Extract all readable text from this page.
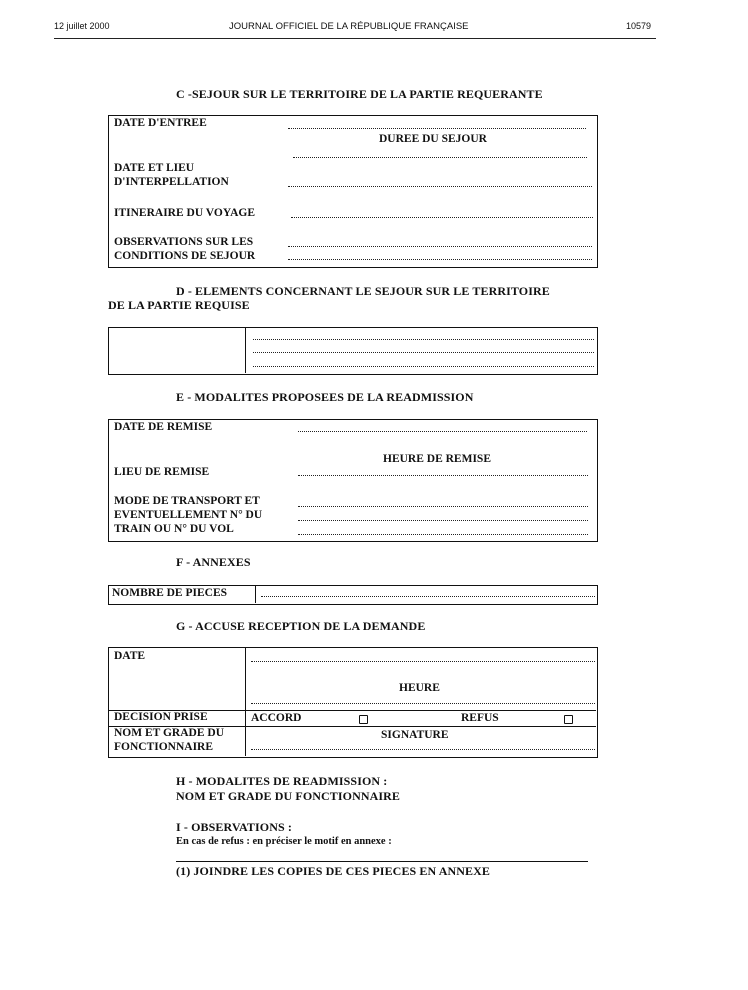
12 juillet 2000	JOURNAL OFFICIEL DE LA RÉPUBLIQUE FRANÇAISE	10579
C -SEJOUR SUR LE TERRITOIRE DE LA PARTIE REQUERANTE
DATE D'ENTREE
DUREE DU SEJOUR
DATE ET LIEU
D'INTERPELLATION
ITINERAIRE DU VOYAGE
OBSERVATIONS SUR LES
CONDITIONS DE SEJOUR
D - ELEMENTS CONCERNANT LE SEJOUR SUR LE TERRITOIRE
DE LA PARTIE REQUISE
E - MODALITES PROPOSEES DE LA READMISSION
DATE DE REMISE
HEURE DE REMISE
LIEU DE REMISE
MODE DE TRANSPORT ET
EVENTUELLEMENT N° DU
TRAIN OU N° DU VOL
F - ANNEXES
NOMBRE DE PIECES
G - ACCUSE RECEPTION DE LA DEMANDE
DATE
HEURE
DECISION PRISE	ACCORD	REFUS
NOM ET GRADE DU
FONCTIONNAIRE
SIGNATURE
H - MODALITES DE READMISSION :
NOM ET GRADE DU FONCTIONNAIRE
I - OBSERVATIONS :
En cas de refus : en préciser le motif en annexe :
(1) JOINDRE LES COPIES DE CES PIECES EN ANNEXE
